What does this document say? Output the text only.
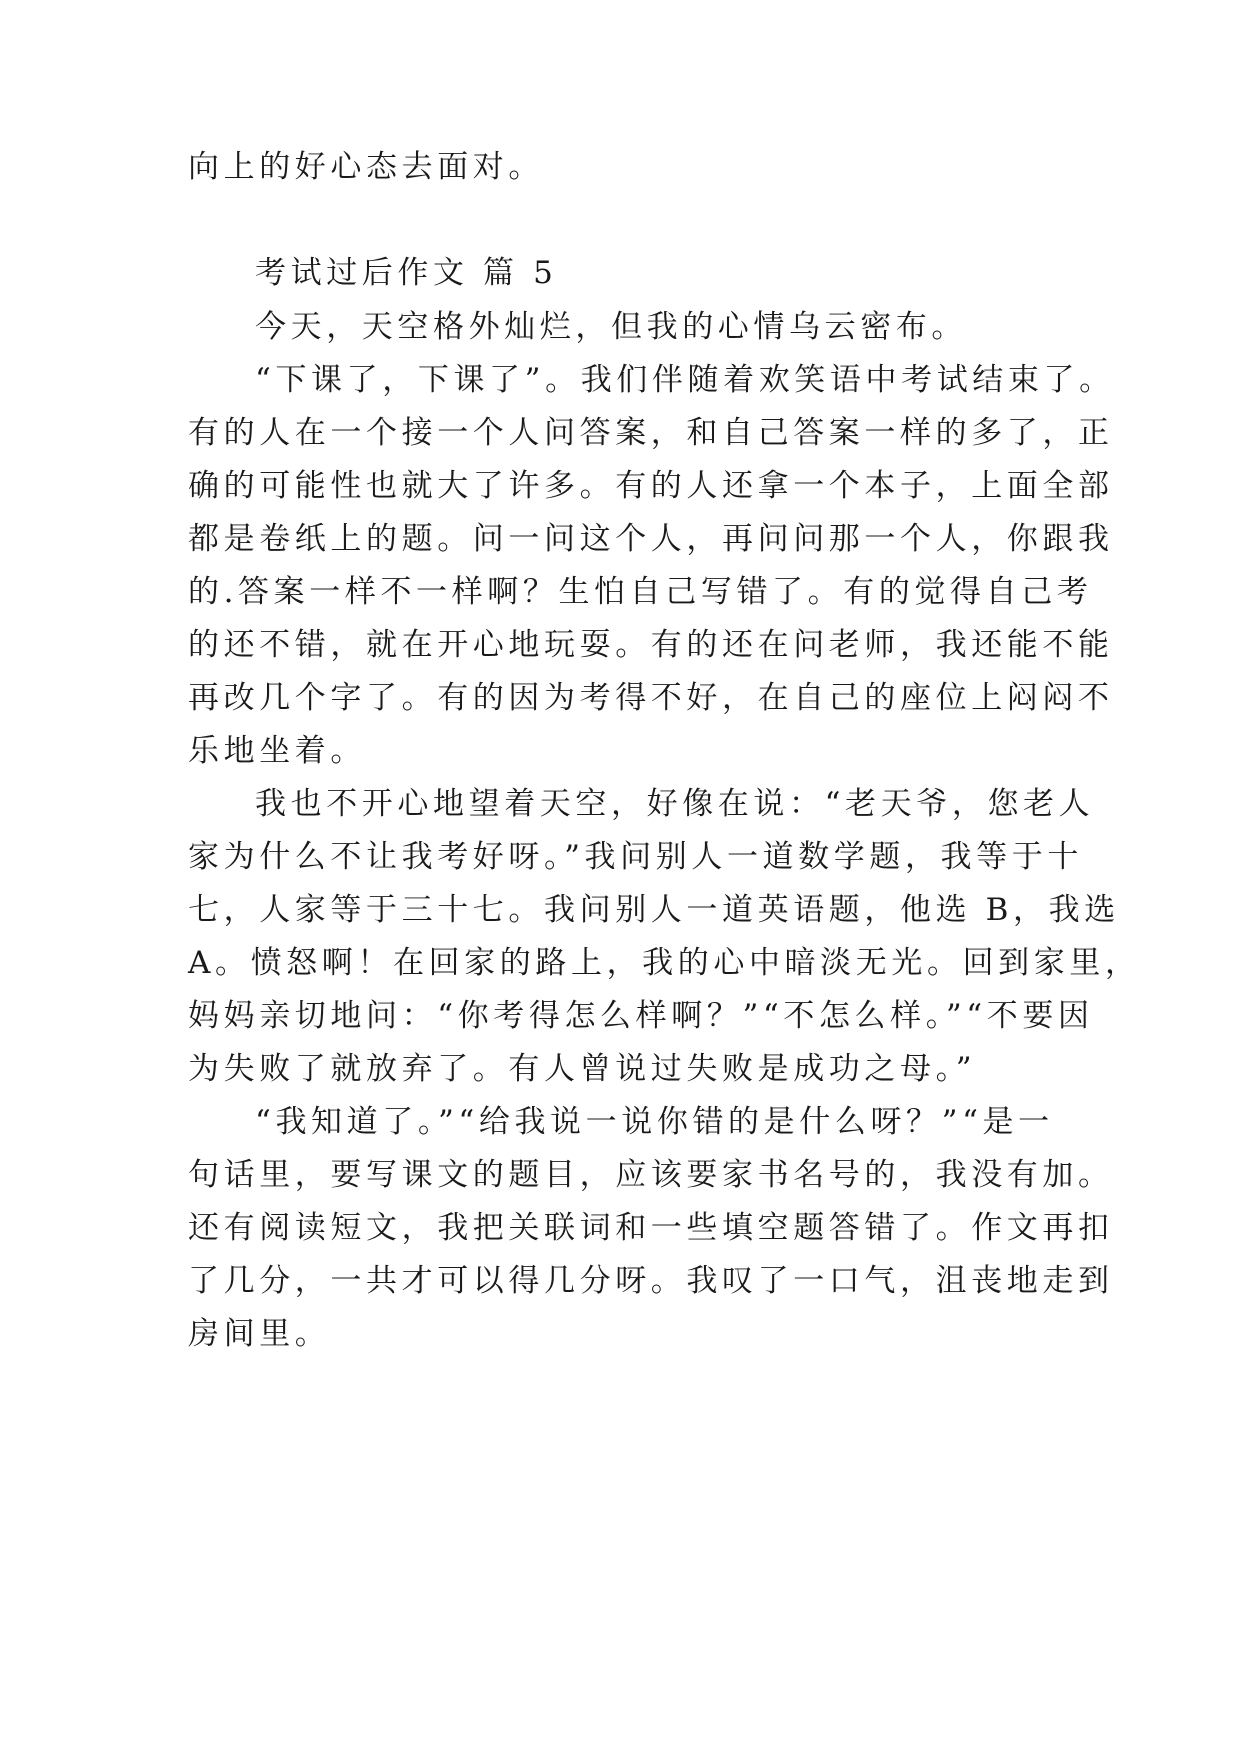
向上的好心态去面对。
考试过后作文 篇 5
今天，天空格外灿烂，但我的心情乌云密布。
“下课了，下课了”。我们伴随着欢笑语中考试结束了。
有的人在一个接一个人问答案，和自己答案一样的多了，正
确的可能性也就大了许多。有的人还拿一个本子，上面全部
都是卷纸上的题。问一问这个人，再问问那一个人，你跟我
的.答案一样不一样啊？生怕自己写错了。有的觉得自己考
的还不错，就在开心地玩耍。有的还在问老师，我还能不能
再改几个字了。有的因为考得不好，在自己的座位上闷闷不
乐地坐着。
我也不开心地望着天空，好像在说：“老天爷，您老人
家为什么不让我考好呀。”我问别人一道数学题，我等于十
七，人家等于三十七。我问别人一道英语题，他选 B，我选
A。愤怒啊！在回家的路上，我的心中暗淡无光。回到家里，
妈妈亲切地问：“你考得怎么样啊？”“不怎么样。”“不要因
为失败了就放弃了。有人曾说过失败是成功之母。”
“我知道了。”“给我说一说你错的是什么呀？”“是一
句话里，要写课文的题目，应该要家书名号的，我没有加。
还有阅读短文，我把关联词和一些填空题答错了。作文再扣
了几分，一共才可以得几分呀。我叹了一口气，沮丧地走到
房间里。
